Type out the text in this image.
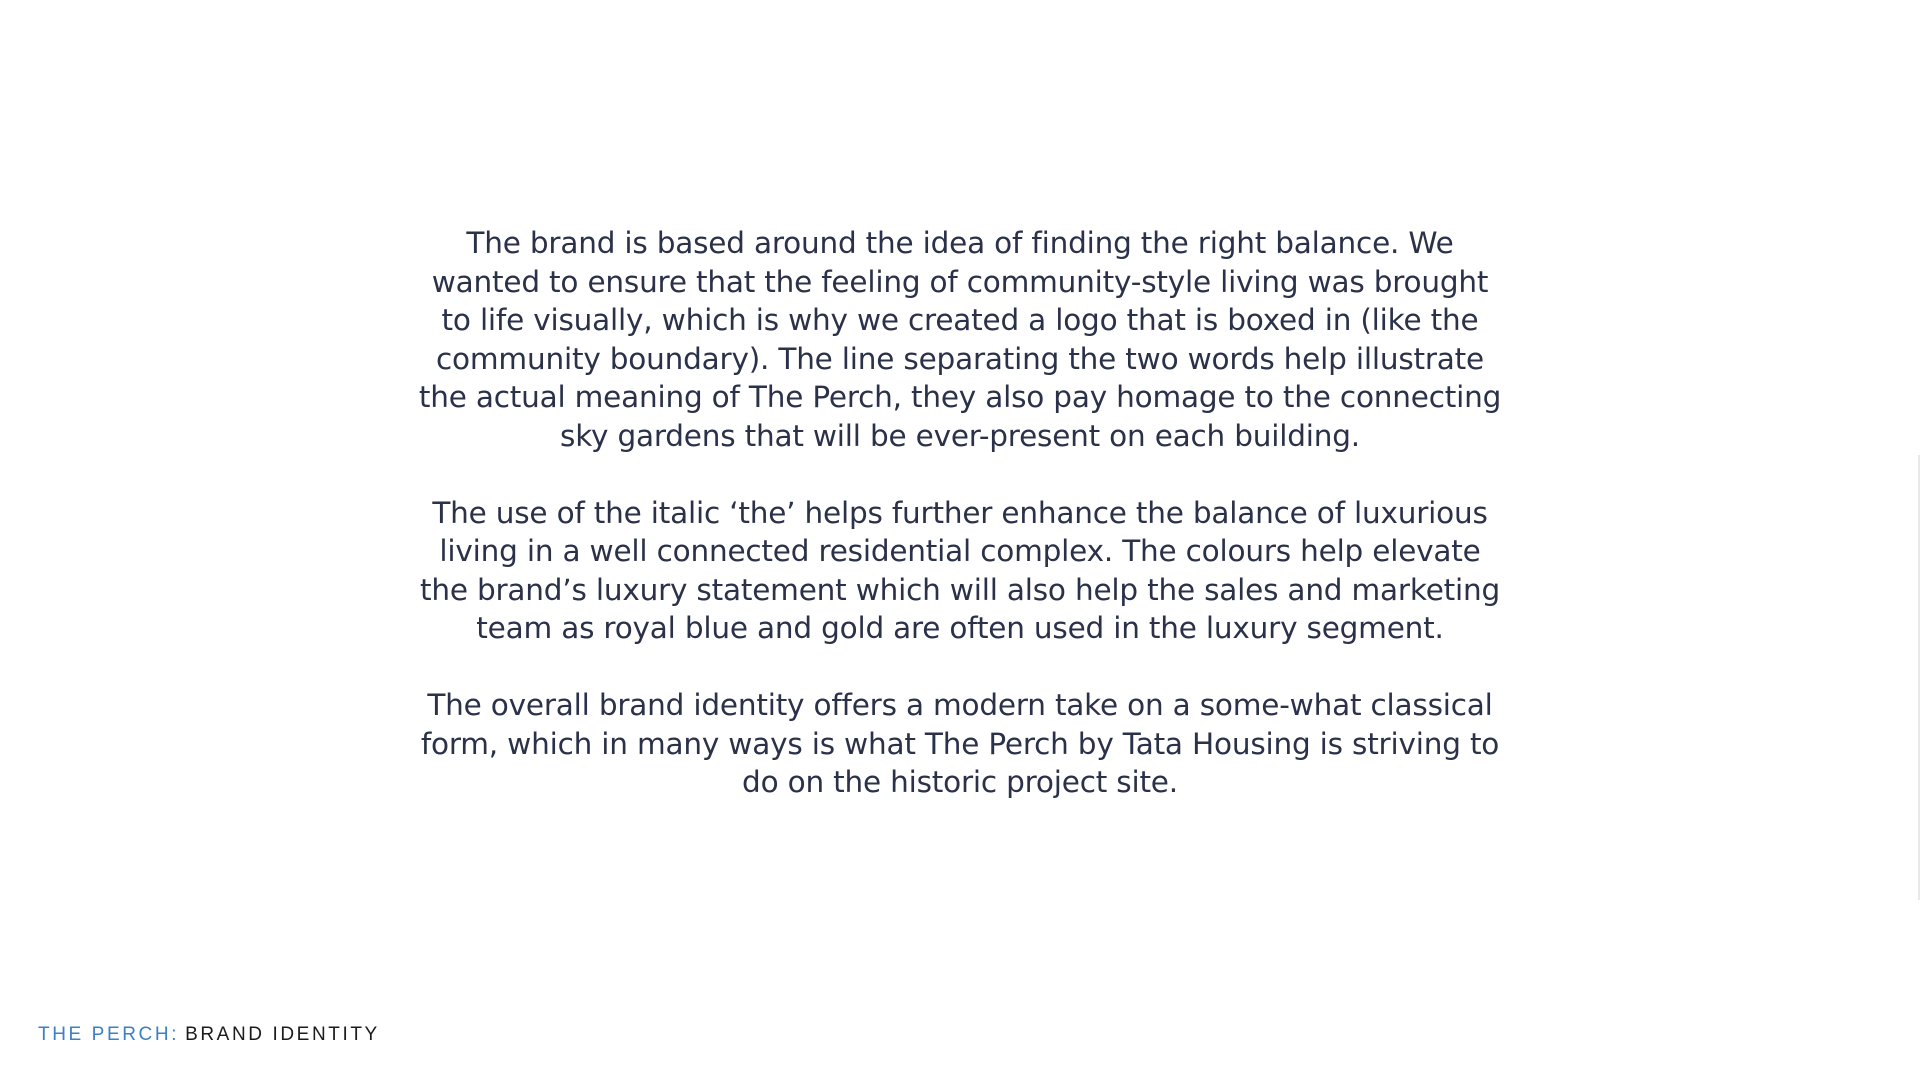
The brand is based around the idea of finding the right balance. We
wanted to ensure that the feeling of community-style living was brought
to life visually, which is why we created a logo that is boxed in (like the
community boundary). The line separating the two words help illustrate
the actual meaning of The Perch, they also pay homage to the connecting
sky gardens that will be ever-present on each building.

The use of the italic ‘the’ helps further enhance the balance of luxurious
living in a well connected residential complex. The colours help elevate
the brand’s luxury statement which will also help the sales and marketing
team as royal blue and gold are often used in the luxury segment.

The overall brand identity offers a modern take on a some-what classical
form, which in many ways is what The Perch by Tata Housing is striving to
do on the historic project site.

THE PERCH: BRAND IDENTITY
